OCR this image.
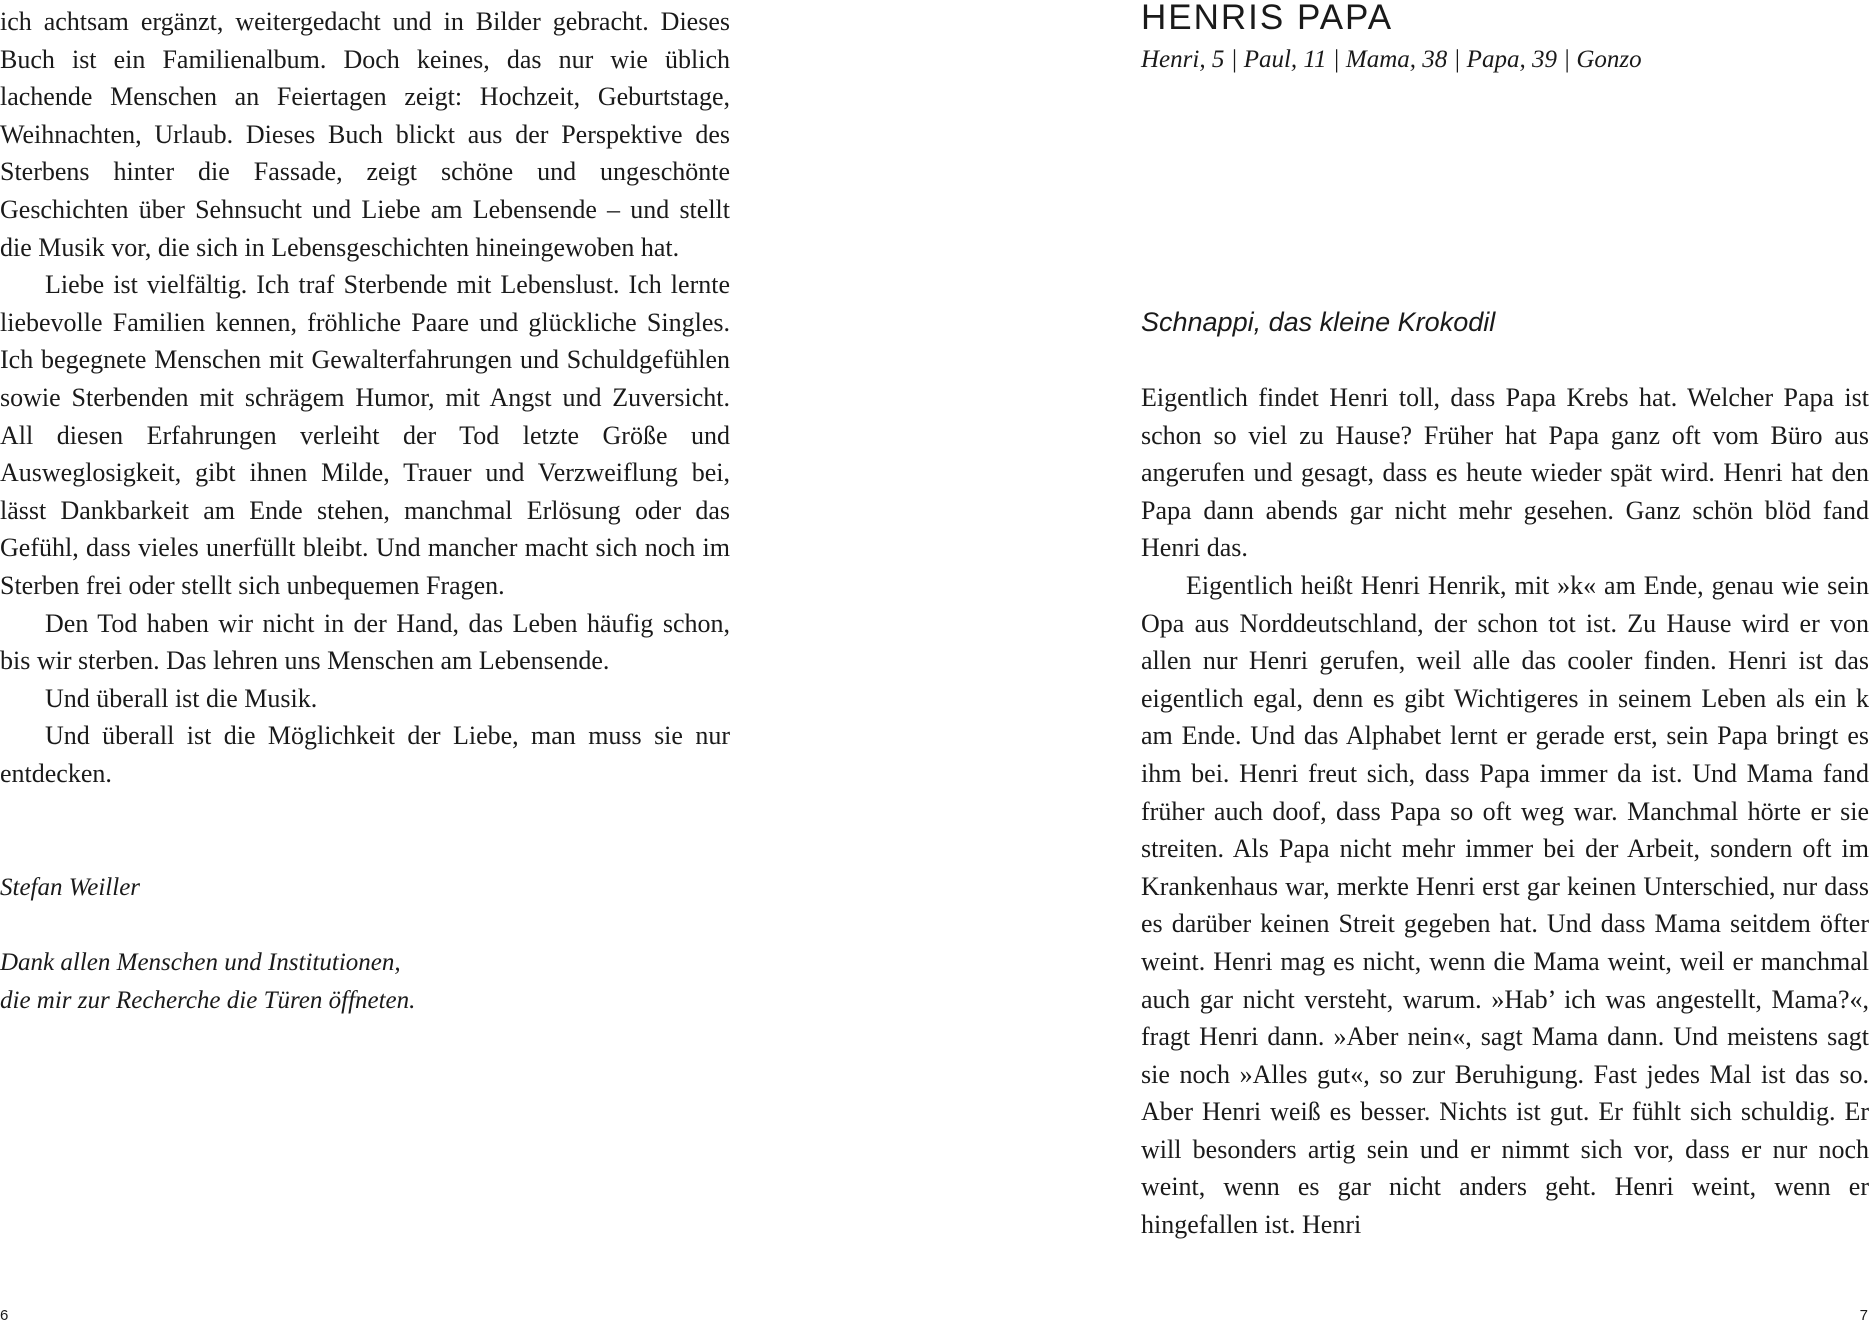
ich achtsam ergänzt, weitergedacht und in Bilder gebracht. Dieses Buch ist ein Familienalbum. Doch keines, das nur wie üblich lachende Menschen an Feiertagen zeigt: Hochzeit, Geburtstage, Weihnachten, Urlaub. Dieses Buch blickt aus der Perspektive des Sterbens hinter die Fassade, zeigt schöne und ungeschönte Geschichten über Sehnsucht und Liebe am Lebensende – und stellt die Musik vor, die sich in Lebensgeschichten hineingewoben hat.

Liebe ist vielfältig. Ich traf Sterbende mit Lebenslust. Ich lernte liebevolle Familien kennen, fröhliche Paare und glückliche Singles. Ich begegnete Menschen mit Gewalterfahrungen und Schuldgefühlen sowie Sterbenden mit schrägem Humor, mit Angst und Zuversicht. All diesen Erfahrungen verleiht der Tod letzte Größe und Ausweglosigkeit, gibt ihnen Milde, Trauer und Verzweiflung bei, lässt Dankbarkeit am Ende stehen, manchmal Erlösung oder das Gefühl, dass vieles unerfüllt bleibt. Und mancher macht sich noch im Sterben frei oder stellt sich unbequemen Fragen.

Den Tod haben wir nicht in der Hand, das Leben häufig schon, bis wir sterben. Das lehren uns Menschen am Lebensende.

Und überall ist die Musik.

Und überall ist die Möglichkeit der Liebe, man muss sie nur entdecken.

Stefan Weiller

Dank allen Menschen und Institutionen,
die mir zur Recherche die Türen öffneten.

6
HENRIS PAPA

Henri, 5 | Paul, 11 | Mama, 38 | Papa, 39 | Gonzo

Schnappi, das kleine Krokodil

Eigentlich findet Henri toll, dass Papa Krebs hat. Welcher Papa ist schon so viel zu Hause? Früher hat Papa ganz oft vom Büro aus angerufen und gesagt, dass es heute wieder spät wird. Henri hat den Papa dann abends gar nicht mehr gesehen. Ganz schön blöd fand Henri das.

Eigentlich heißt Henri Henrik, mit »k« am Ende, genau wie sein Opa aus Norddeutschland, der schon tot ist. Zu Hause wird er von allen nur Henri gerufen, weil alle das cooler finden. Henri ist das eigentlich egal, denn es gibt Wichtigeres in seinem Leben als ein k am Ende. Und das Alphabet lernt er gerade erst, sein Papa bringt es ihm bei. Henri freut sich, dass Papa immer da ist. Und Mama fand früher auch doof, dass Papa so oft weg war. Manchmal hörte er sie streiten. Als Papa nicht mehr immer bei der Arbeit, sondern oft im Krankenhaus war, merkte Henri erst gar keinen Unterschied, nur dass es darüber keinen Streit gegeben hat. Und dass Mama seitdem öfter weint. Henri mag es nicht, wenn die Mama weint, weil er manchmal auch gar nicht versteht, warum. »Hab’ ich was angestellt, Mama?«, fragt Henri dann. »Aber nein«, sagt Mama dann. Und meistens sagt sie noch »Alles gut«, so zur Beruhigung. Fast jedes Mal ist das so. Aber Henri weiß es besser. Nichts ist gut. Er fühlt sich schuldig. Er will besonders artig sein und er nimmt sich vor, dass er nur noch weint, wenn es gar nicht anders geht. Henri weint, wenn er hingefallen ist. Henri

7
